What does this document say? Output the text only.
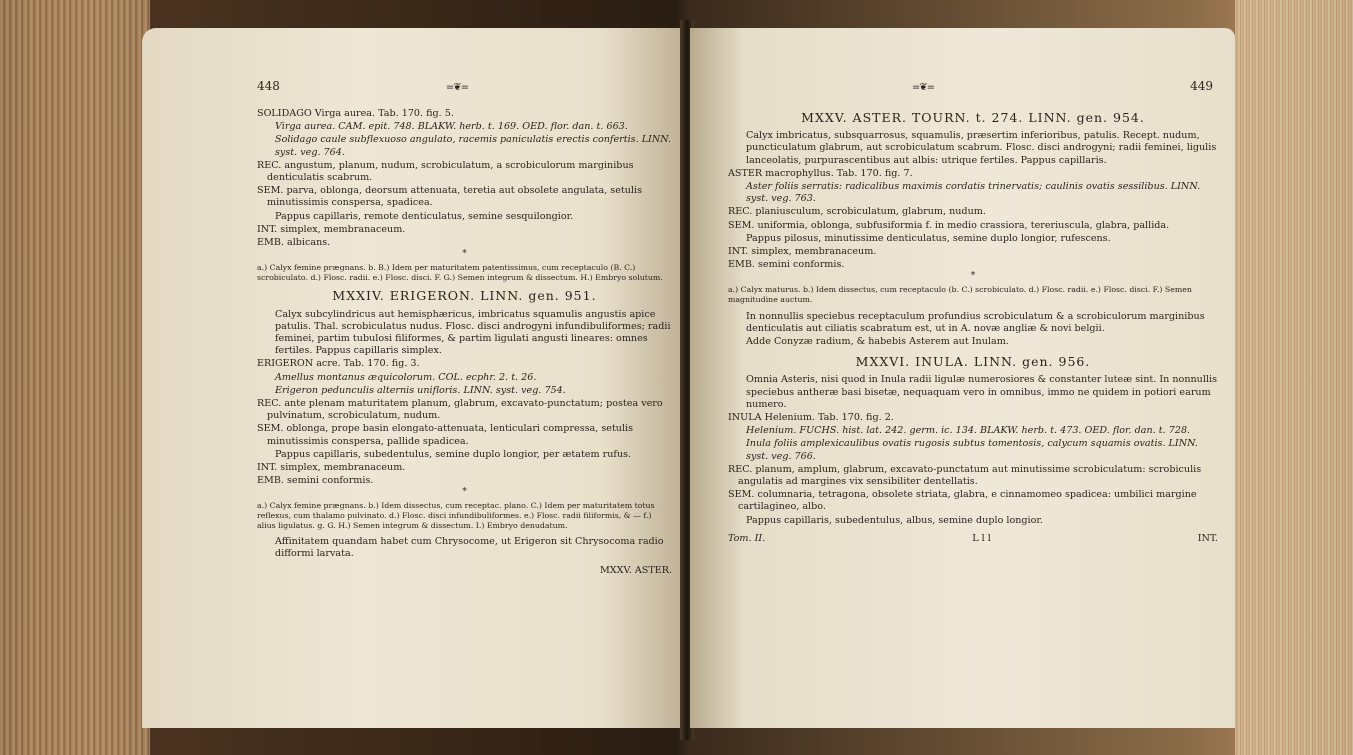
448	=❦=

SOLIDAGO Virga aurea. Tab. 170. fig. 5.

Virga aurea. CAM. epit. 748. BLAKW. herb. t. 169. OED. flor. dan. t. 663.

Solidago caule subflexuoso angulato, racemis paniculatis erectis confertis. LINN. syst. veg. 764.

REC. angustum, planum, nudum, scrobiculatum, a scrobiculorum marginibus denticulatis scabrum.

SEM. parva, oblonga, deorsum attenuata, teretia aut obsolete angulata, setulis minutissimis conspersa, spadicea.

Pappus capillaris, remote denticulatus, semine sesquilongior.

INT. simplex, membranaceum.

EMB. albicans.

*

a.) Calyx femine prægnans. b. B.) Idem per maturitatem patentissimus, cum receptaculo (B. C.) scrobiculato. d.) Flosc. radii. e.) Flosc. disci. F. G.) Semen integrum & dissectum. H.) Embryo solutum.

MXXIV. ERIGERON. LINN. gen. 951.

Calyx subcylindricus aut hemisphæricus, imbricatus squamulis angustis apice patulis. Thal. scrobiculatus nudus. Flosc. disci androgyni infundibuliformes; radii feminei, partim tubulosi filiformes, & partim ligulati angusti lineares: omnes fertiles. Pappus capillaris simplex.

ERIGERON acre. Tab. 170. fig. 3.

Amellus montanus æquicolorum. COL. ecphr. 2. t. 26.

Erigeron pedunculis alternis unifloris. LINN. syst. veg. 754.

REC. ante plenam maturitatem planum, glabrum, excavato-punctatum; postea vero pulvinatum, scrobiculatum, nudum.

SEM. oblonga, prope basin elongato-attenuata, lenticulari compressa, setulis minutissimis conspersa, pallide spadicea.

Pappus capillaris, subedentulus, semine duplo longior, per ætatem rufus.

INT. simplex, membranaceum.

EMB. semini conformis.

*

a.) Calyx femine prægnans. b.) Idem dissectus, cum receptac. plano. C.) Idem per maturitatem totus reflexus, cum thalamo pulvinato. d.) Flosc. disci infundibuliformes. e.) Flosc. radii filiformis, & — f.) alius ligulatus. g. G. H.) Semen integrum & dissectum. I.) Embryo denudatum.

Affinitatem quandam habet cum Chrysocome, ut Erigeron sit Chrysocoma radio difformi larvata.

MXXV. ASTER.
=❦=	449
MXXV. ASTER. TOURN. t. 274. LINN. gen. 954.

Calyx imbricatus, subsquarrosus, squamulis, præsertim inferioribus, patulis. Recept. nudum, puncticulatum glabrum, aut scrobiculatum scabrum. Flosc. disci androgyni; radii feminei, ligulis lanceolatis, purpurascentibus aut albis: utrique fertiles. Pappus capillaris.

ASTER macrophyllus. Tab. 170. fig. 7.

Aster foliis serratis: radicalibus maximis cordatis trinervatis; caulinis ovatis sessilibus. LINN. syst. veg. 763.

REC. planiusculum, scrobiculatum, glabrum, nudum.

SEM. uniformia, oblonga, subfusiformia f. in medio crassiora, tereriuscula, glabra, pallida.

Pappus pilosus, minutissime denticulatus, semine duplo longior, rufescens.

INT. simplex, membranaceum.

EMB. semini conformis.

*

a.) Calyx maturus. b.) Idem dissectus, cum receptaculo (b. C.) scrobiculato. d.) Flosc. radii. e.) Flosc. disci. F.) Semen magnitudine auctum.

In nonnullis speciebus receptaculum profundius scrobiculatum & a scrobiculorum marginibus denticulatis aut ciliatis scabratum est, ut in A. novæ angliæ & novi belgii.

Adde Conyzæ radium, & habebis Asterem aut Inulam.

MXXVI. INULA. LINN. gen. 956.

Omnia Asteris, nisi quod in Inula radii ligulæ numerosiores & constanter luteæ sint. In nonnullis speciebus antheræ basi bisetæ, nequaquam vero in omnibus, immo ne quidem in potiori earum numero.

INULA Helenium. Tab. 170. fig. 2.

Helenium. FUCHS. hist. lat. 242. germ. ic. 134. BLAKW. herb. t. 473. OED. flor. dan. t. 728.

Inula foliis amplexicaulibus ovatis rugosis subtus tomentosis, calycum squamis ovatis. LINN. syst. veg. 766.

REC. planum, amplum, glabrum, excavato-punctatum aut minutissime scrobiculatum: scrobiculis angulatis ad margines vix sensibiliter dentellatis.

SEM. columnaria, tetragona, obsolete striata, glabra, e cinnamomeo spadicea: umbilici margine cartilagineo, albo.

Pappus capillaris, subedentulus, albus, semine duplo longior.

Tom. II.	L l l	INT.
